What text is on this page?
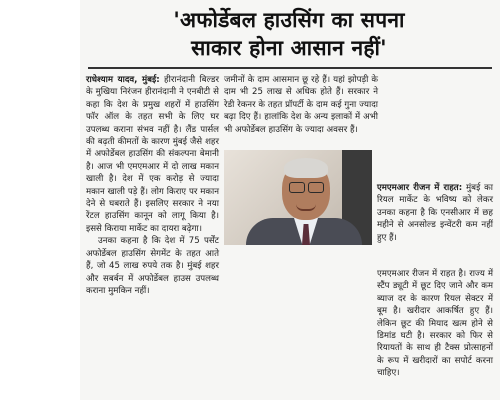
'अफोर्डेबल हाउसिंग का सपना
साकार होना आसान नहीं'

राधेश्याम यादव, मुंबई: हीरानंदानी बिल्डर के मुखिया निरंजन हीरानंदानी ने एनबीटी से कहा कि देश के प्रमुख शहरों में हाउसिंग फॉर ऑल के तहत सभी के लिए घर उपलब्ध कराना संभव नहीं है। लैंड पार्सल की बढ़ती कीमतों के कारण मुंबई जैसे शहर में अफोर्डेबल हाउसिंग की संकल्पना बेमानी है। आज भी एमएमआर में दो लाख मकान खाली है। देश में एक करोड़ से ज्यादा मकान खाली पड़े हैं। लोग किराए पर मकान देने से घबराते हैं। इसलिए सरकार ने नया रेंटल हाउसिंग कानून को लागू किया है। इससे किराया मार्केट का दायरा बढ़ेगा।

उनका कहना है कि देश में 75 पर्सेंट अफोर्डेबल हाउसिंग सेगमेंट के तहत आते हैं, जो 45 लाख रुपये तक है। मुंबई शहर और सबर्बन में अफोर्डेबल हाउस उपलब्ध कराना मुमकिन नहीं।

जमीनों के दाम आसमान छू रहे हैं। यहां झोपड़ी के दाम भी 25 लाख से अधिक होते हैं। सरकार ने रेडी रेकनर के तहत प्रॉपर्टी के दाम कई गुना ज्यादा बढ़ा दिए हैं। हालांकि देश के अन्य इलाकों में अभी भी अफोर्डेबल हाउसिंग के ज्यादा अवसर हैं।

एमएमआर रीजन में राहत: मुंबई का रियल मार्केट के भविष्य को लेकर उनका कहना है कि एनसीआर में छह महीने से अनसोल्ड इन्वेंटरी कम नहीं हुए हैं।

एमएमआर रीजन में राहत है। राज्य में स्टैंप ड्यूटी में छूट दिए जाने और कम ब्याज दर के कारण रियल सेक्टर में बूम है। खरीदार आकर्षित हुए हैं। लेकिन छूट की मियाद खत्म होने से डिमांड घटी है। सरकार को फिर से रियायतों के साथ ही टैक्स प्रोत्साहनों के रूप में खरीदारों का सपोर्ट करना चाहिए।
